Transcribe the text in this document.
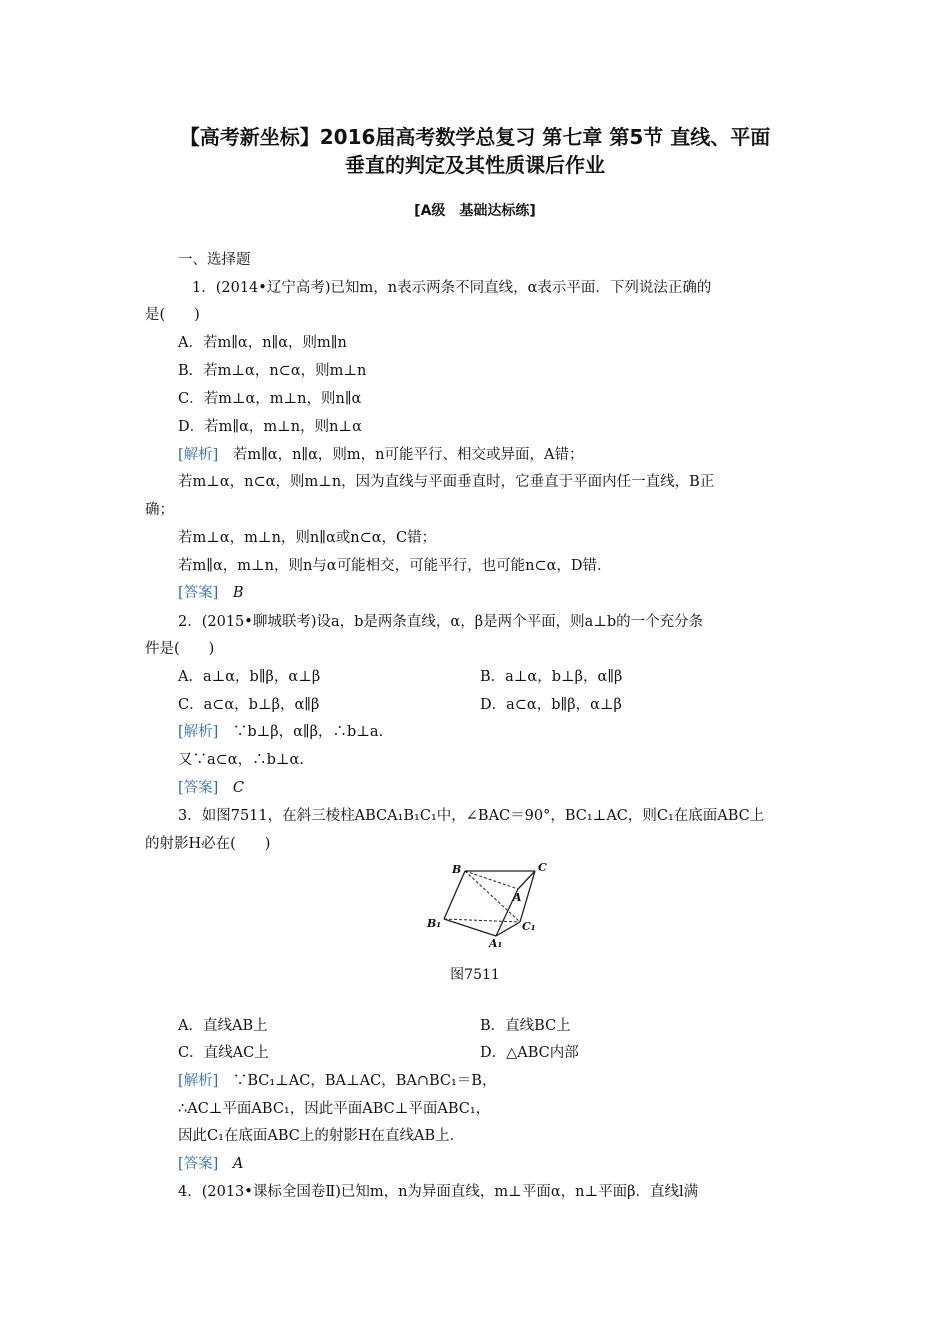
【高考新坐标】2016届高考数学总复习 第七章 第5节 直线、平面
垂直的判定及其性质课后作业
[A级　基础达标练]
一、选择题
1．(2014•辽宁高考)已知m，n表示两条不同直线，α表示平面．下列说法正确的
是(　　)
A．若m∥α，n∥α，则m∥n
B．若m⊥α，n⊂α，则m⊥n
C．若m⊥α，m⊥n，则n∥α
D．若m∥α，m⊥n，则n⊥α
[解析]　若m∥α，n∥α，则m，n可能平行、相交或异面，A错；
若m⊥α，n⊂α，则m⊥n，因为直线与平面垂直时，它垂直于平面内任一直线，B正
确；
若m⊥α，m⊥n，则n∥α或n⊂α，C错；
若m∥α，m⊥n，则n与α可能相交，可能平行，也可能n⊂α，D错．
[答案]　B
2．(2015•聊城联考)设a，b是两条直线，α，β是两个平面，则a⊥b的一个充分条
件是(　　)
A．a⊥α，b∥β，α⊥β	B．a⊥α，b⊥β，α∥β
C．a⊂α，b⊥β，α∥β	D．a⊂α，b∥β，α⊥β
[解析]　∵b⊥β，α∥β，∴b⊥a.
又∵a⊂α，∴b⊥α.
[答案]　C
3．如图7511，在斜三棱柱ABCA₁B₁C₁中，∠BAC＝90°，BC₁⊥AC，则C₁在底面ABC上
的射影H必在(　　)
B	C
A
B₁	C₁
A₁
图7511
A．直线AB上	B．直线BC上
C．直线AC上	D．△ABC内部
[解析]　∵BC₁⊥AC，BA⊥AC，BA∩BC₁＝B，
∴AC⊥平面ABC₁，因此平面ABC⊥平面ABC₁，
因此C₁在底面ABC上的射影H在直线AB上．
[答案]　A
4．(2013•课标全国卷Ⅱ)已知m，n为异面直线，m⊥平面α，n⊥平面β．直线l满
